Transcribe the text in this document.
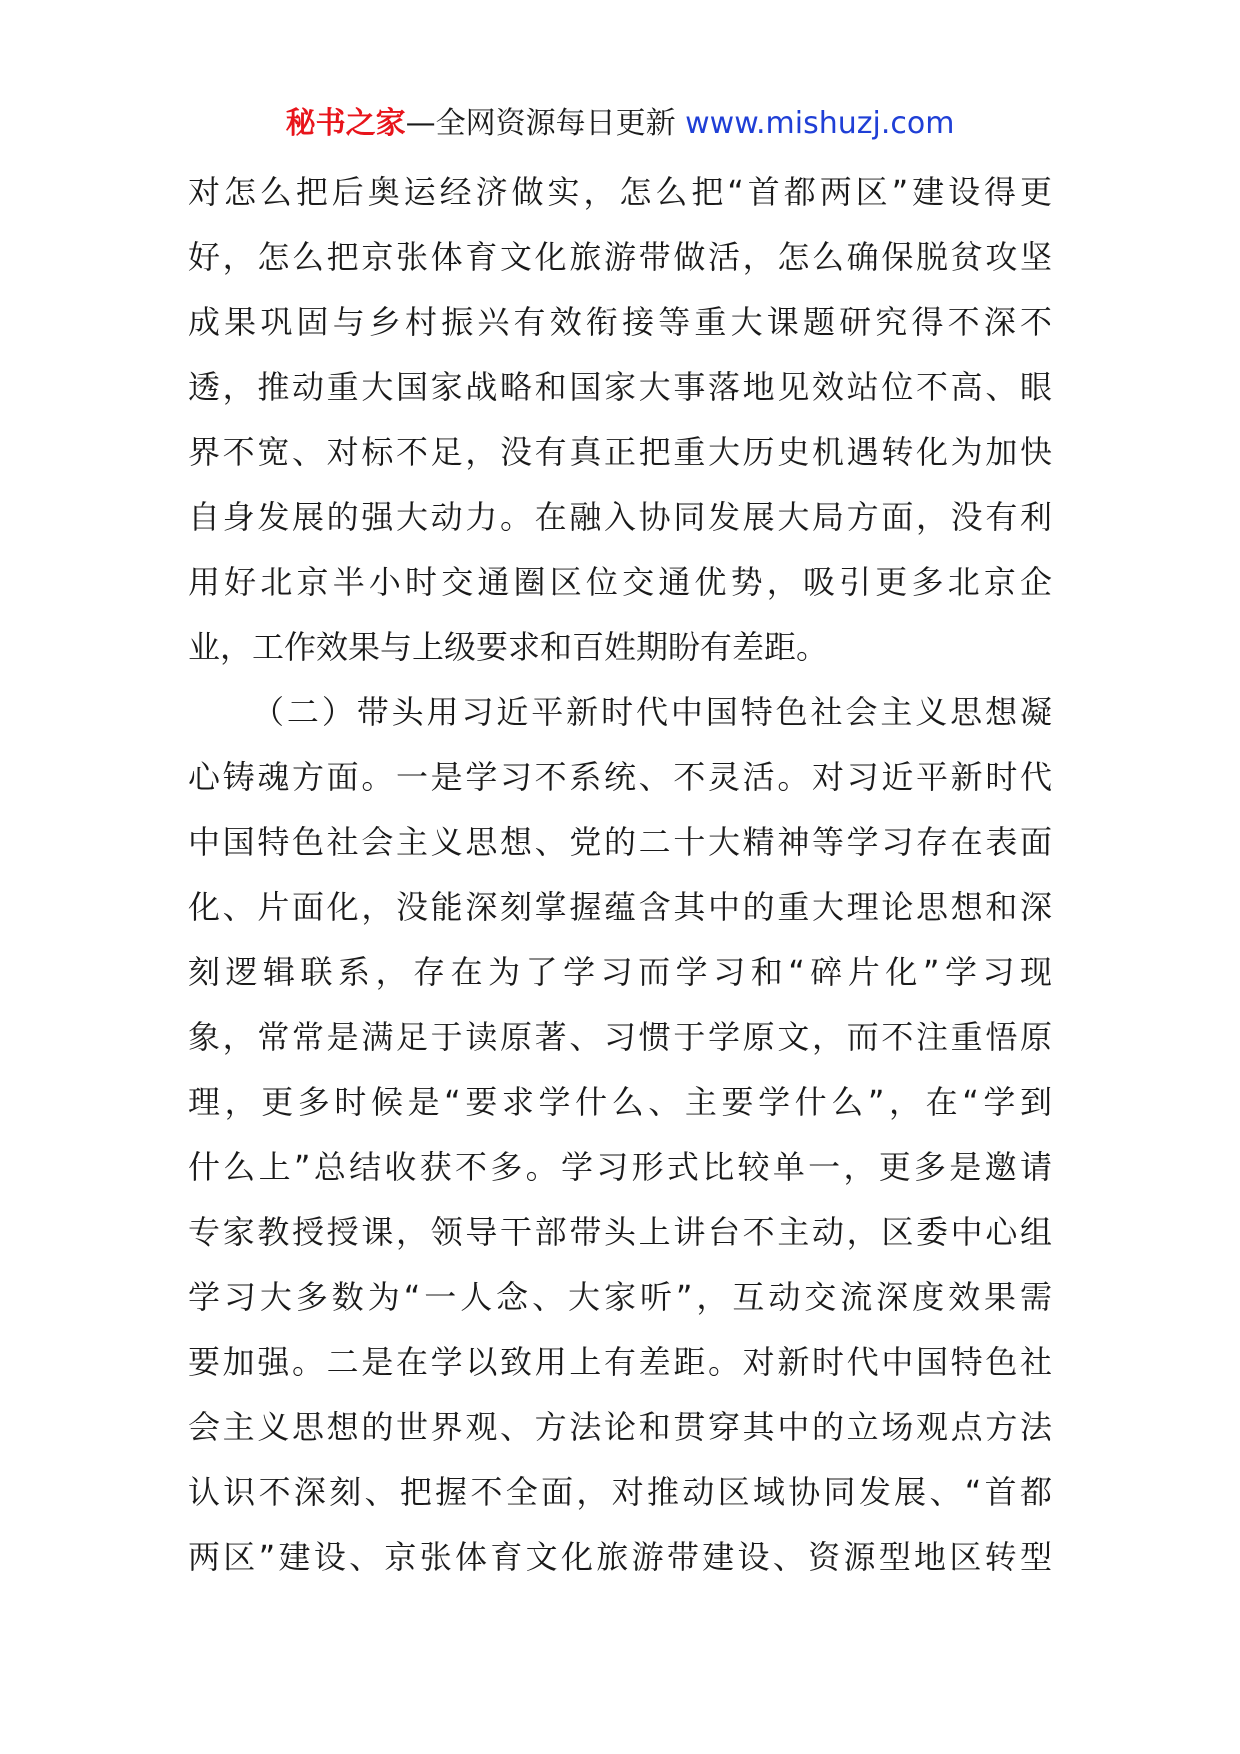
秘书之家—全网资源每日更新 www.mishuzj.com
对怎么把后奥运经济做实，怎么把“首都两区”建设得更
好，怎么把京张体育文化旅游带做活，怎么确保脱贫攻坚
成果巩固与乡村振兴有效衔接等重大课题研究得不深不
透，推动重大国家战略和国家大事落地见效站位不高、眼
界不宽、对标不足，没有真正把重大历史机遇转化为加快
自身发展的强大动力。在融入协同发展大局方面，没有利
用好北京半小时交通圈区位交通优势，吸引更多北京企
业，工作效果与上级要求和百姓期盼有差距。
（二）带头用习近平新时代中国特色社会主义思想凝
心铸魂方面。一是学习不系统、不灵活。对习近平新时代
中国特色社会主义思想、党的二十大精神等学习存在表面
化、片面化，没能深刻掌握蕴含其中的重大理论思想和深
刻逻辑联系，存在为了学习而学习和“碎片化”学习现
象，常常是满足于读原著、习惯于学原文，而不注重悟原
理，更多时候是“要求学什么、主要学什么”，在“学到
什么上”总结收获不多。学习形式比较单一，更多是邀请
专家教授授课，领导干部带头上讲台不主动，区委中心组
学习大多数为“一人念、大家听”，互动交流深度效果需
要加强。二是在学以致用上有差距。对新时代中国特色社
会主义思想的世界观、方法论和贯穿其中的立场观点方法
认识不深刻、把握不全面，对推动区域协同发展、“首都
两区”建设、京张体育文化旅游带建设、资源型地区转型
